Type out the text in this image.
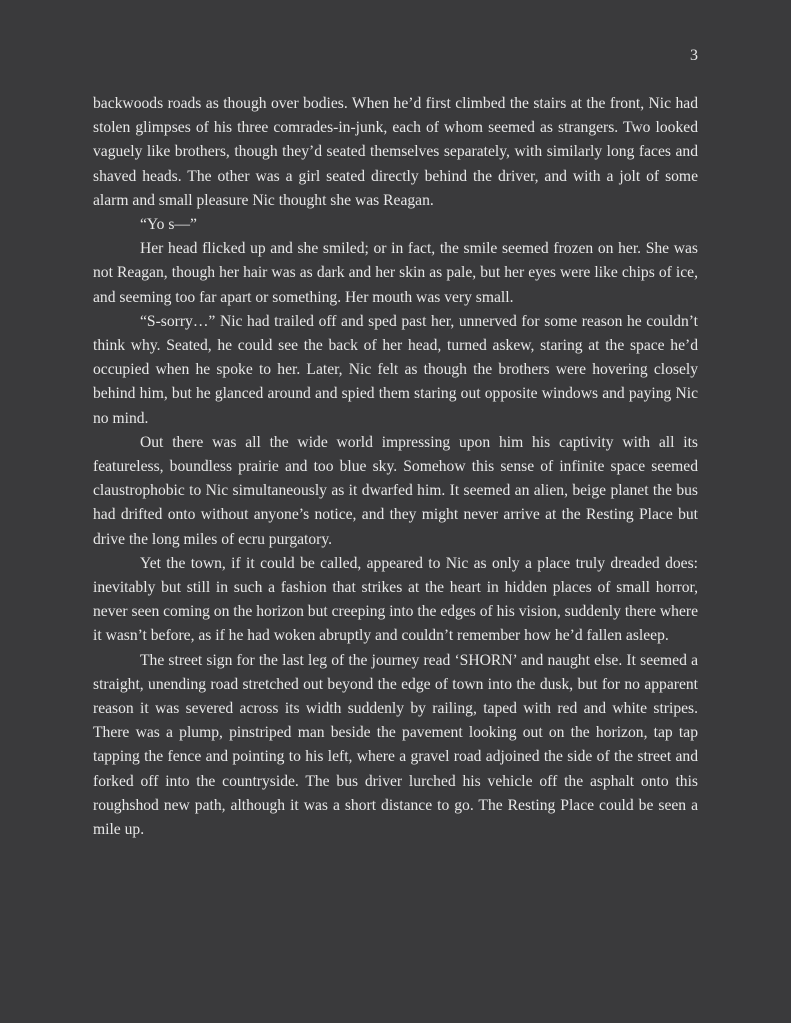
3

backwoods roads as though over bodies. When he’d first climbed the stairs at the front, Nic had stolen glimpses of his three comrades-in-junk, each of whom seemed as strangers. Two looked vaguely like brothers, though they’d seated themselves separately, with similarly long faces and shaved heads. The other was a girl seated directly behind the driver, and with a jolt of some alarm and small pleasure Nic thought she was Reagan.

“Yo s—”

Her head flicked up and she smiled; or in fact, the smile seemed frozen on her. She was not Reagan, though her hair was as dark and her skin as pale, but her eyes were like chips of ice, and seeming too far apart or something. Her mouth was very small.

“S-sorry…” Nic had trailed off and sped past her, unnerved for some reason he couldn’t think why. Seated, he could see the back of her head, turned askew, staring at the space he’d occupied when he spoke to her. Later, Nic felt as though the brothers were hovering closely behind him, but he glanced around and spied them staring out opposite windows and paying Nic no mind.

Out there was all the wide world impressing upon him his captivity with all its featureless, boundless prairie and too blue sky. Somehow this sense of infinite space seemed claustrophobic to Nic simultaneously as it dwarfed him. It seemed an alien, beige planet the bus had drifted onto without anyone’s notice, and they might never arrive at the Resting Place but drive the long miles of ecru purgatory.

Yet the town, if it could be called, appeared to Nic as only a place truly dreaded does: inevitably but still in such a fashion that strikes at the heart in hidden places of small horror, never seen coming on the horizon but creeping into the edges of his vision, suddenly there where it wasn’t before, as if he had woken abruptly and couldn’t remember how he’d fallen asleep.

The street sign for the last leg of the journey read ‘SHORN’ and naught else. It seemed a straight, unending road stretched out beyond the edge of town into the dusk, but for no apparent reason it was severed across its width suddenly by railing, taped with red and white stripes. There was a plump, pinstriped man beside the pavement looking out on the horizon, tap tap tapping the fence and pointing to his left, where a gravel road adjoined the side of the street and forked off into the countryside. The bus driver lurched his vehicle off the asphalt onto this roughshod new path, although it was a short distance to go. The Resting Place could be seen a mile up.
